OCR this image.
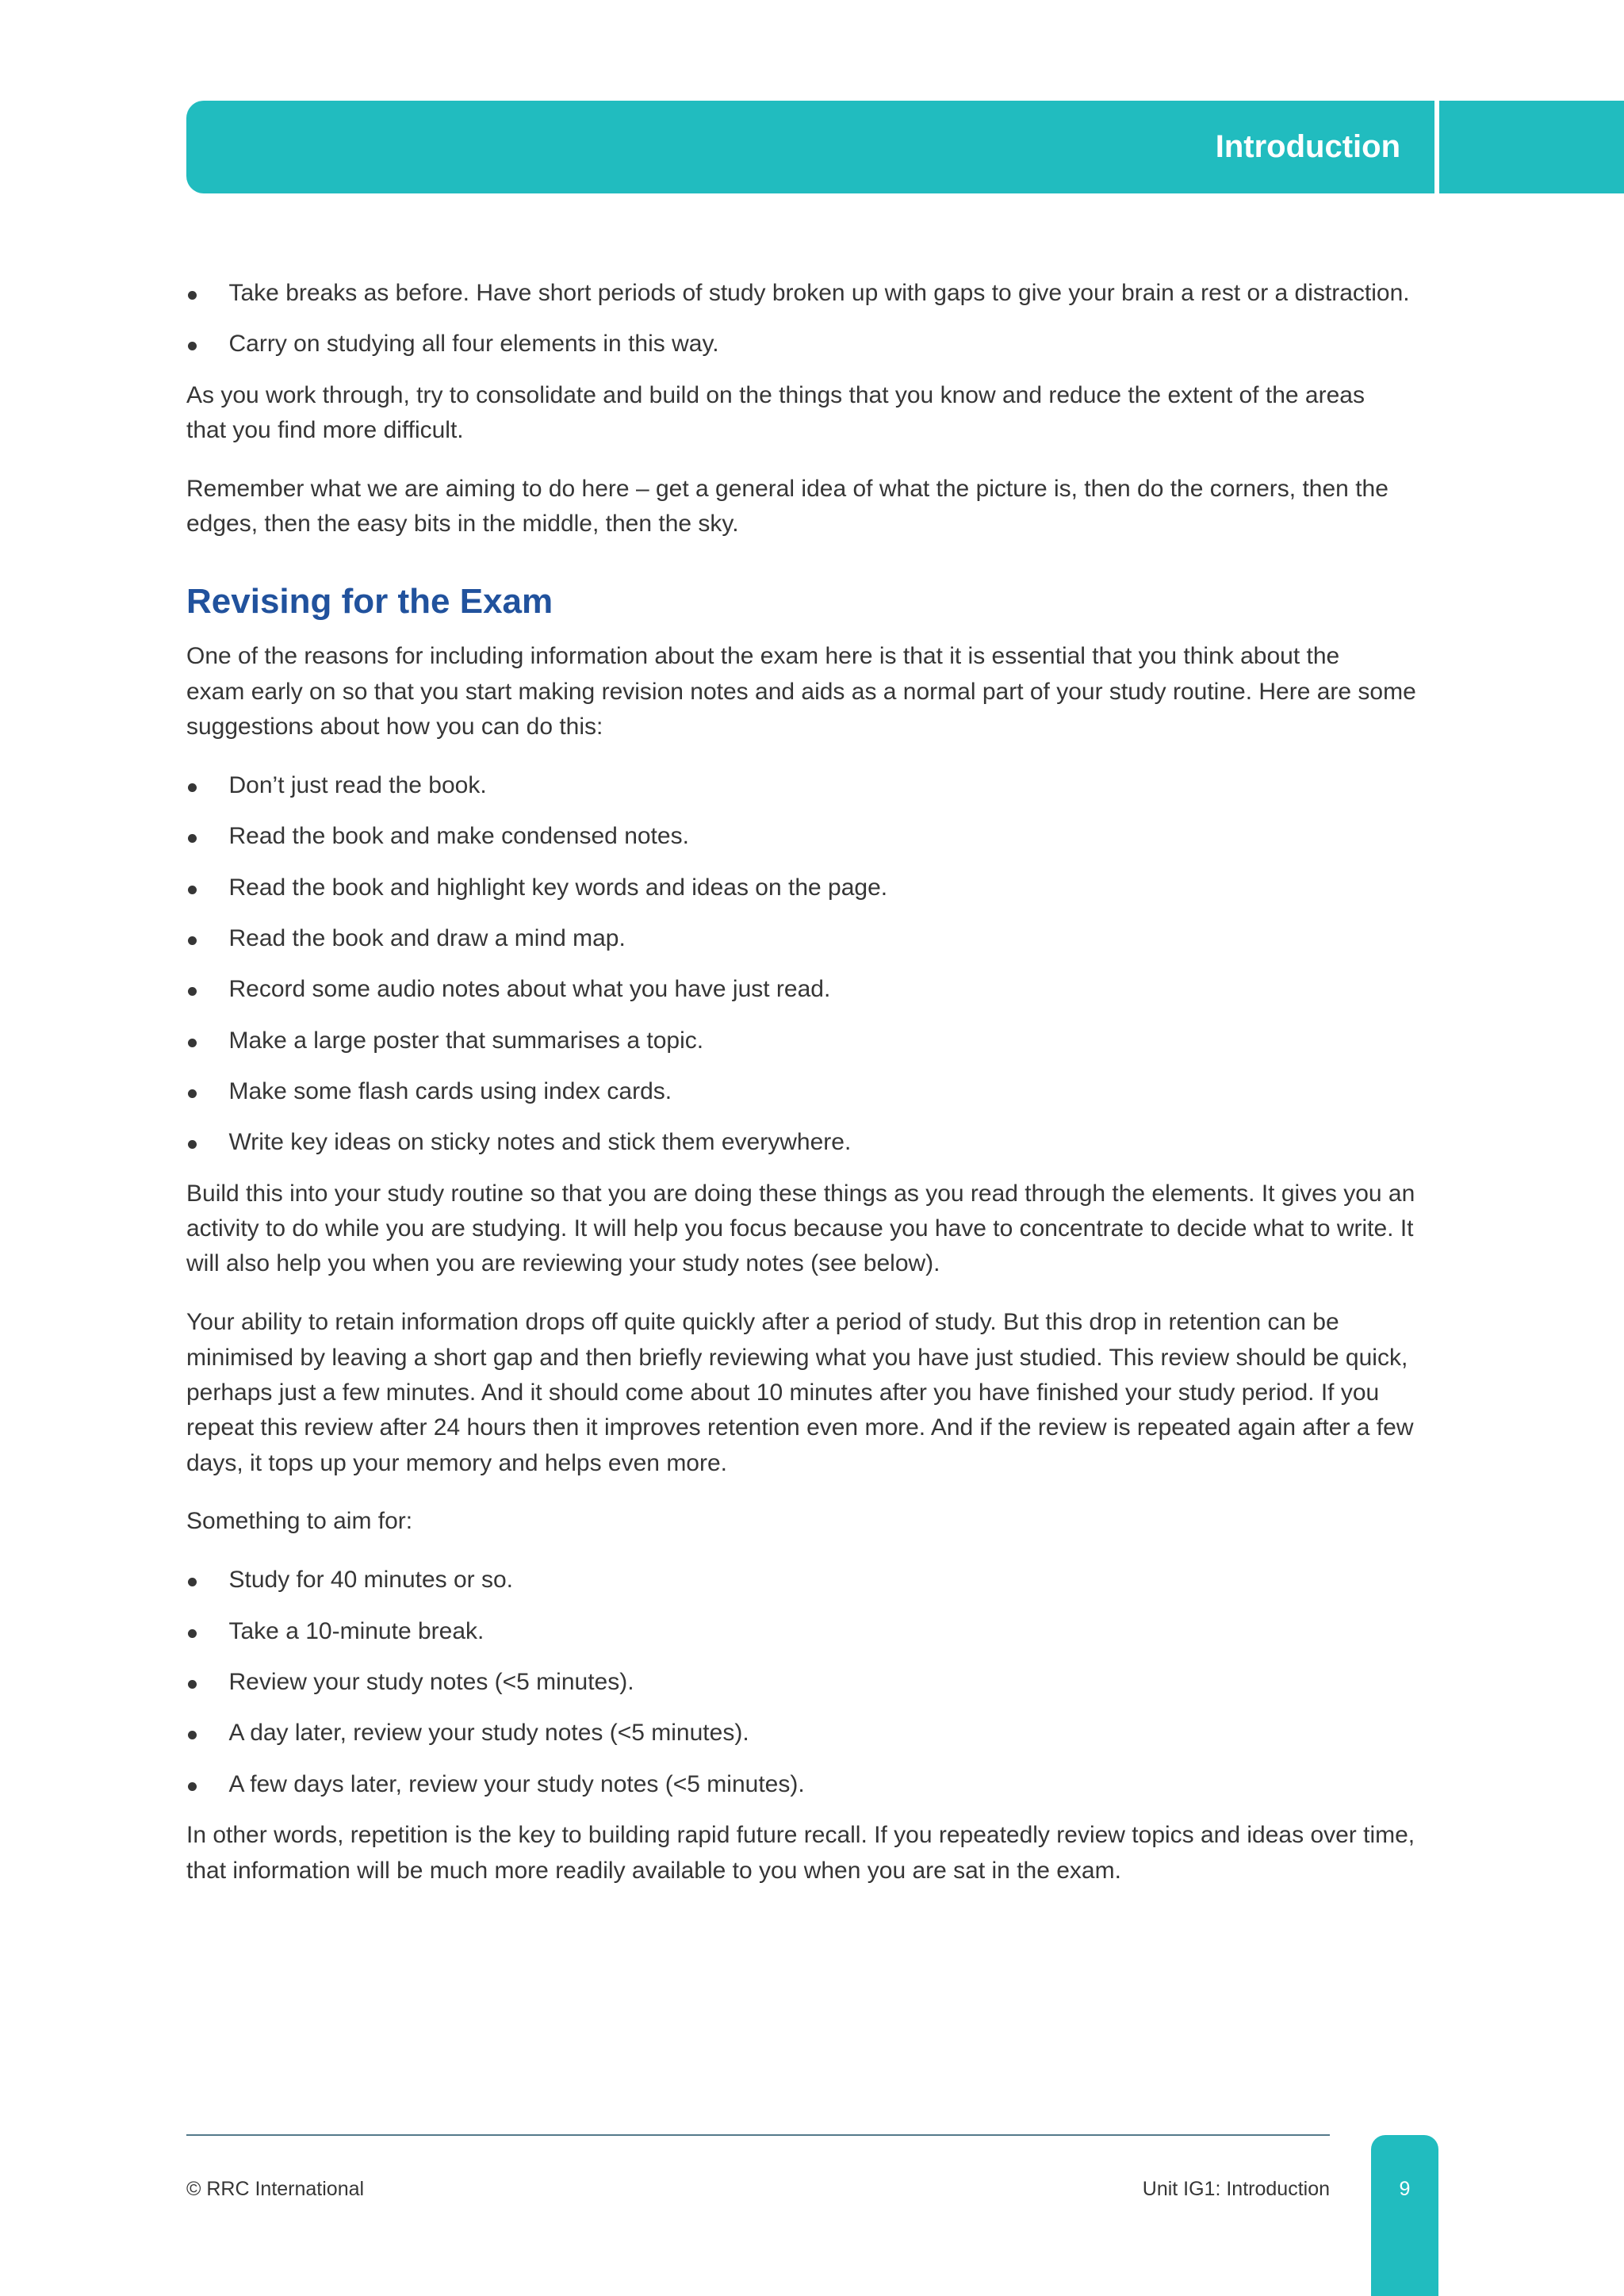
Introduction
Take breaks as before. Have short periods of study broken up with gaps to give your brain a rest or a distraction.
Carry on studying all four elements in this way.

As you work through, try to consolidate and build on the things that you know and reduce the extent of the areas
that you find more difficult.

Remember what we are aiming to do here – get a general idea of what the picture is, then do the corners, then the
edges, then the easy bits in the middle, then the sky.

Revising for the Exam

One of the reasons for including information about the exam here is that it is essential that you think about the
exam early on so that you start making revision notes and aids as a normal part of your study routine. Here are some
suggestions about how you can do this:

Don’t just read the book.
Read the book and make condensed notes.
Read the book and highlight key words and ideas on the page.
Read the book and draw a mind map.
Record some audio notes about what you have just read.
Make a large poster that summarises a topic.
Make some flash cards using index cards.
Write key ideas on sticky notes and stick them everywhere.

Build this into your study routine so that you are doing these things as you read through the elements. It gives you an
activity to do while you are studying. It will help you focus because you have to concentrate to decide what to write. It
will also help you when you are reviewing your study notes (see below).

Your ability to retain information drops off quite quickly after a period of study. But this drop in retention can be
minimised by leaving a short gap and then briefly reviewing what you have just studied. This review should be quick,
perhaps just a few minutes. And it should come about 10 minutes after you have finished your study period. If you
repeat this review after 24 hours then it improves retention even more. And if the review is repeated again after a few
days, it tops up your memory and helps even more.

Something to aim for:

Study for 40 minutes or so.
Take a 10-minute break.
Review your study notes (<5 minutes).
A day later, review your study notes (<5 minutes).
A few days later, review your study notes (<5 minutes).

In other words, repetition is the key to building rapid future recall. If you repeatedly review topics and ideas over time,
that information will be much more readily available to you when you are sat in the exam.

© RRC International	Unit IG1: Introduction	9
